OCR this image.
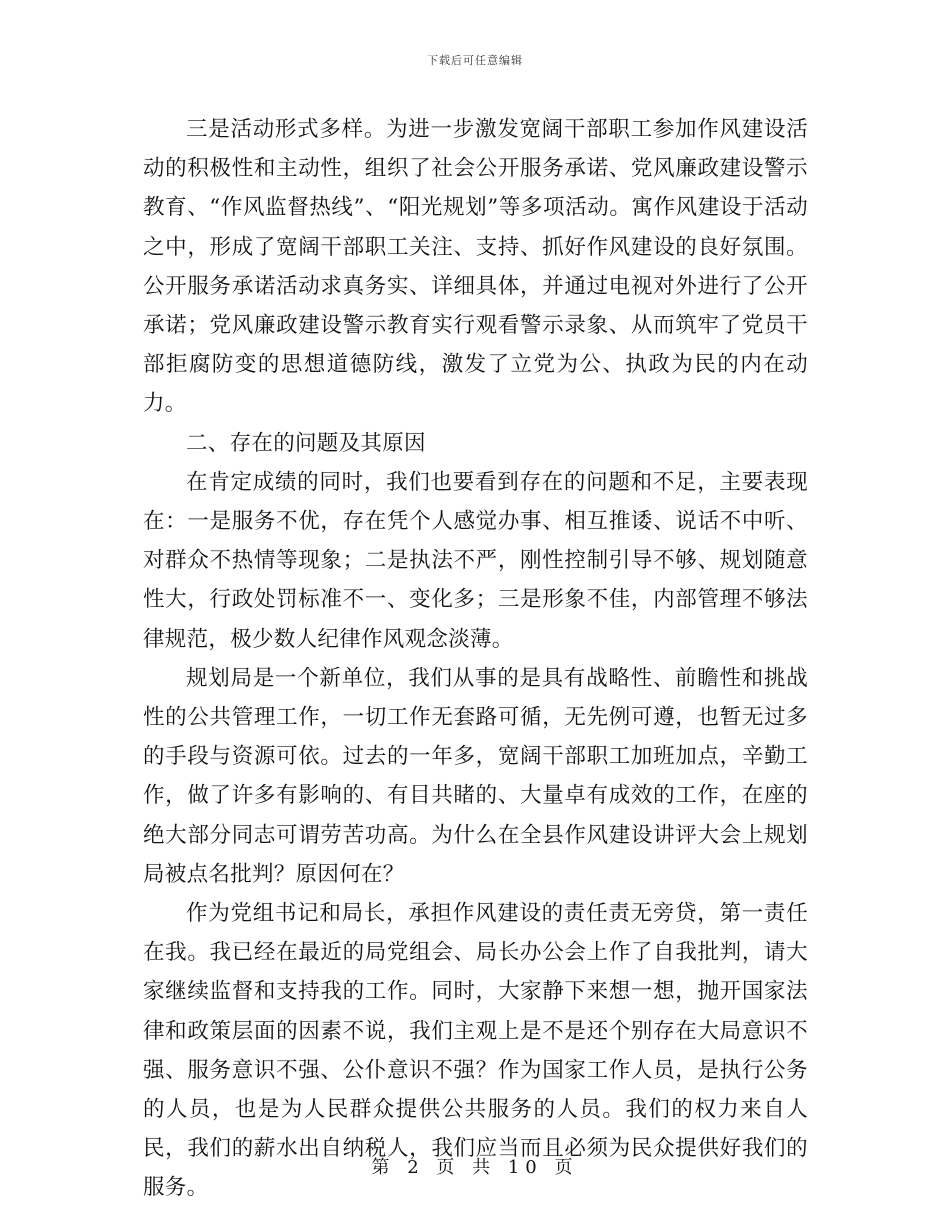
下载后可任意编辑

三是活动形式多样。为进一步激发宽阔干部职工参加作风建设活动的积极性和主动性，组织了社会公开服务承诺、党风廉政建设警示教育、“作风监督热线”、“阳光规划”等多项活动。寓作风建设于活动之中，形成了宽阔干部职工关注、支持、抓好作风建设的良好氛围。公开服务承诺活动求真务实、详细具体，并通过电视对外进行了公开承诺；党风廉政建设警示教育实行观看警示录象、从而筑牢了党员干部拒腐防变的思想道德防线，激发了立党为公、执政为民的内在动力。

二、存在的问题及其原因

在肯定成绩的同时，我们也要看到存在的问题和不足，主要表现在：一是服务不优，存在凭个人感觉办事、相互推诿、说话不中听、对群众不热情等现象；二是执法不严，刚性控制引导不够、规划随意性大，行政处罚标准不一、变化多；三是形象不佳，内部管理不够法律规范，极少数人纪律作风观念淡薄。

规划局是一个新单位，我们从事的是具有战略性、前瞻性和挑战性的公共管理工作，一切工作无套路可循，无先例可遵，也暂无过多的手段与资源可依。过去的一年多，宽阔干部职工加班加点，辛勤工作，做了许多有影响的、有目共睹的、大量卓有成效的工作，在座的绝大部分同志可谓劳苦功高。为什么在全县作风建设讲评大会上规划局被点名批判？原因何在？

作为党组书记和局长，承担作风建设的责任责无旁贷，第一责任在我。我已经在最近的局党组会、局长办公会上作了自我批判，请大家继续监督和支持我的工作。同时，大家静下来想一想，抛开国家法律和政策层面的因素不说，我们主观上是不是还个别存在大局意识不强、服务意识不强、公仆意识不强？作为国家工作人员，是执行公务的人员，也是为人民群众提供公共服务的人员。我们的权力来自人民，我们的薪水出自纳税人，我们应当而且必须为民众提供好我们的服务。

第 2 页 共 10 页
